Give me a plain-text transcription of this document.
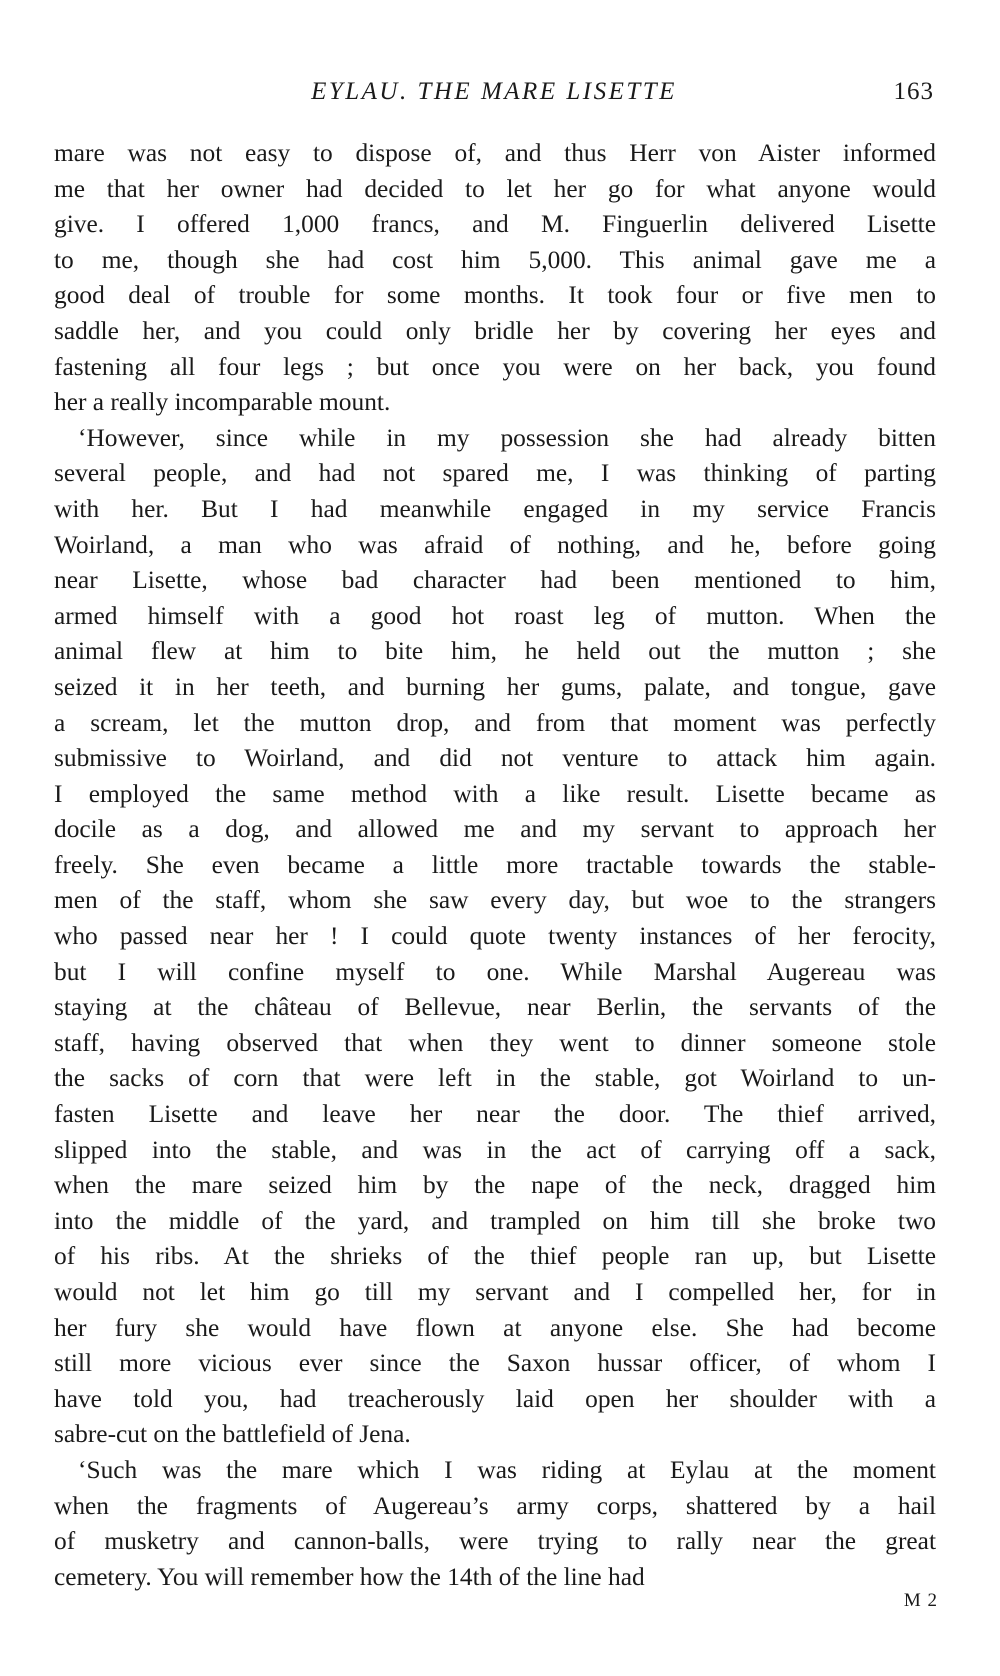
EYLAU. THE MARE LISETTE	163
mare was not easy to dispose of, and thus Herr von Aister informed
me that her owner had decided to let her go for what anyone would
give. I offered 1,000 francs, and M. Finguerlin delivered Lisette
to me, though she had cost him 5,000. This animal gave me a
good deal of trouble for some months. It took four or five men to
saddle her, and you could only bridle her by covering her eyes and
fastening all four legs ; but once you were on her back, you found
her a really incomparable mount.
‘However, since while in my possession she had already bitten
several people, and had not spared me, I was thinking of parting
with her. But I had meanwhile engaged in my service Francis
Woirland, a man who was afraid of nothing, and he, before going
near Lisette, whose bad character had been mentioned to him,
armed himself with a good hot roast leg of mutton. When the
animal flew at him to bite him, he held out the mutton ; she
seized it in her teeth, and burning her gums, palate, and tongue, gave
a scream, let the mutton drop, and from that moment was perfectly
submissive to Woirland, and did not venture to attack him again.
I employed the same method with a like result. Lisette became as
docile as a dog, and allowed me and my servant to approach her
freely. She even became a little more tractable towards the stable-
men of the staff, whom she saw every day, but woe to the strangers
who passed near her ! I could quote twenty instances of her ferocity,
but I will confine myself to one. While Marshal Augereau was
staying at the château of Bellevue, near Berlin, the servants of the
staff, having observed that when they went to dinner someone stole
the sacks of corn that were left in the stable, got Woirland to un-
fasten Lisette and leave her near the door. The thief arrived,
slipped into the stable, and was in the act of carrying off a sack,
when the mare seized him by the nape of the neck, dragged him
into the middle of the yard, and trampled on him till she broke two
of his ribs. At the shrieks of the thief people ran up, but Lisette
would not let him go till my servant and I compelled her, for in
her fury she would have flown at anyone else. She had become
still more vicious ever since the Saxon hussar officer, of whom I
have told you, had treacherously laid open her shoulder with a
sabre-cut on the battlefield of Jena.
‘Such was the mare which I was riding at Eylau at the moment
when the fragments of Augereau’s army corps, shattered by a hail
of musketry and cannon-balls, were trying to rally near the great
cemetery. You will remember how the 14th of the line had
M 2
